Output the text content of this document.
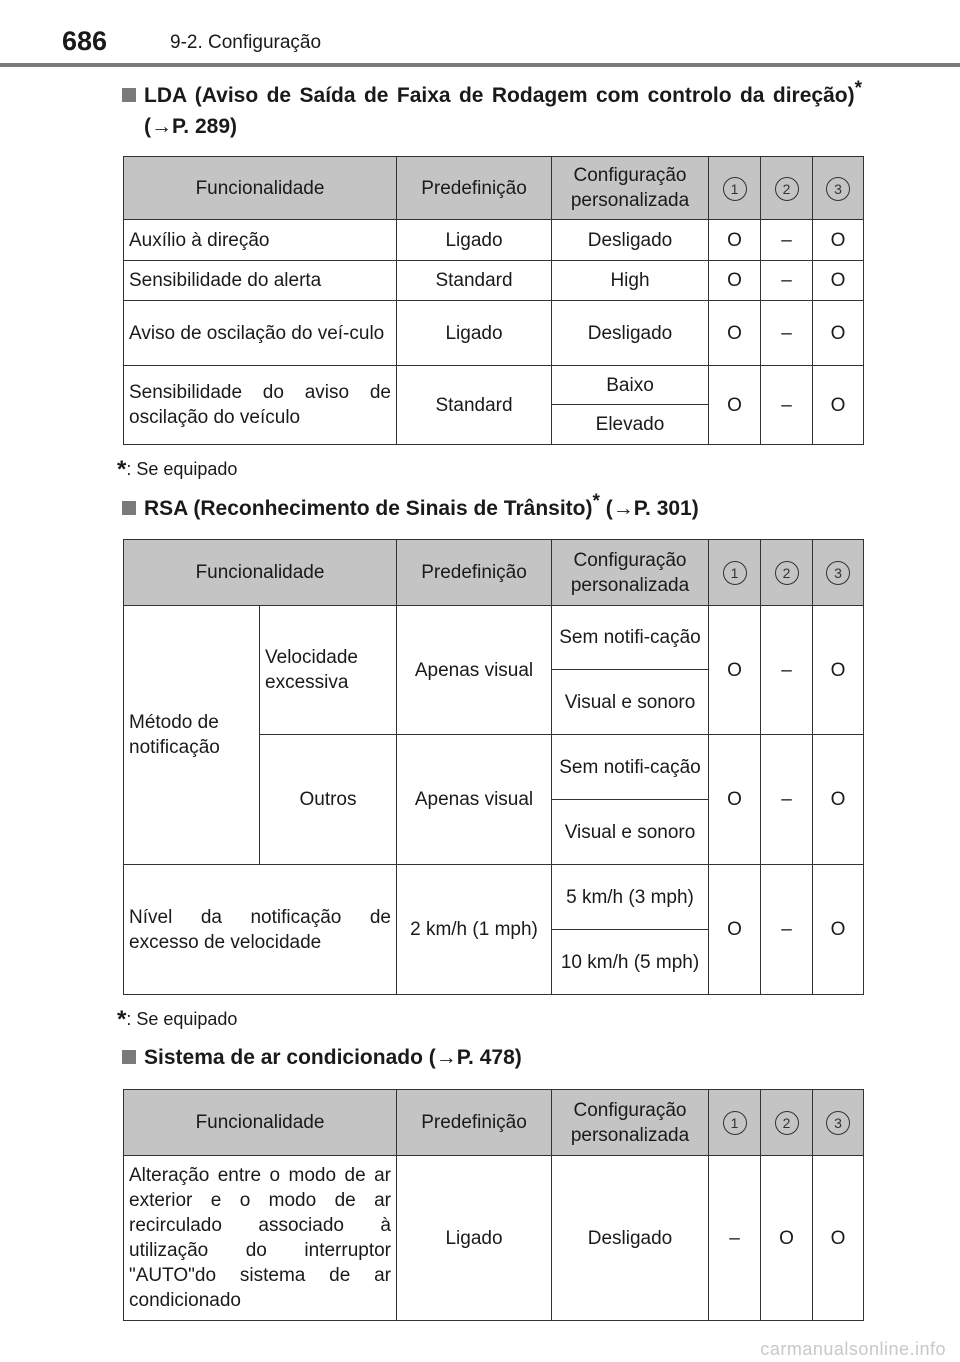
686	9-2. Configuração
LDA (Aviso de Saída de Faixa de Rodagem com controlo da direção)* (→P. 289)
Funcionalidade	Predefinição	Configuração personalizada	1	2	3
Auxílio à direção	Ligado	Desligado	O	–	O
Sensibilidade do alerta	Standard	High	O	–	O
Aviso de oscilação do veí-culo	Ligado	Desligado	O	–	O
Sensibilidade do aviso de oscilação do veículo	Standard	Baixo	O	–	O
		Elevado			
*: Se equipado
RSA (Reconhecimento de Sinais de Trânsito)* (→P. 301)
Funcionalidade		Predefinição	Configuração personalizada	1	2	3
Método de notificação	Velocidade excessiva	Apenas visual	Sem notifi-cação	O	–	O
			Visual e sonoro			
	Outros	Apenas visual	Sem notifi-cação	O	–	O
			Visual e sonoro			
Nível da notificação de excesso de velocidade		2 km/h (1 mph)	5 km/h (3 mph)	O	–	O
			10 km/h (5 mph)			
*: Se equipado
Sistema de ar condicionado (→P. 478)
Funcionalidade	Predefinição	Configuração personalizada	1	2	3
Alteração entre o modo de ar exterior e o modo de ar recirculado associado à utilização do interruptor "AUTO"do sistema de ar condicionado	Ligado	Desligado	–	O	O
carmanualsonline.info
